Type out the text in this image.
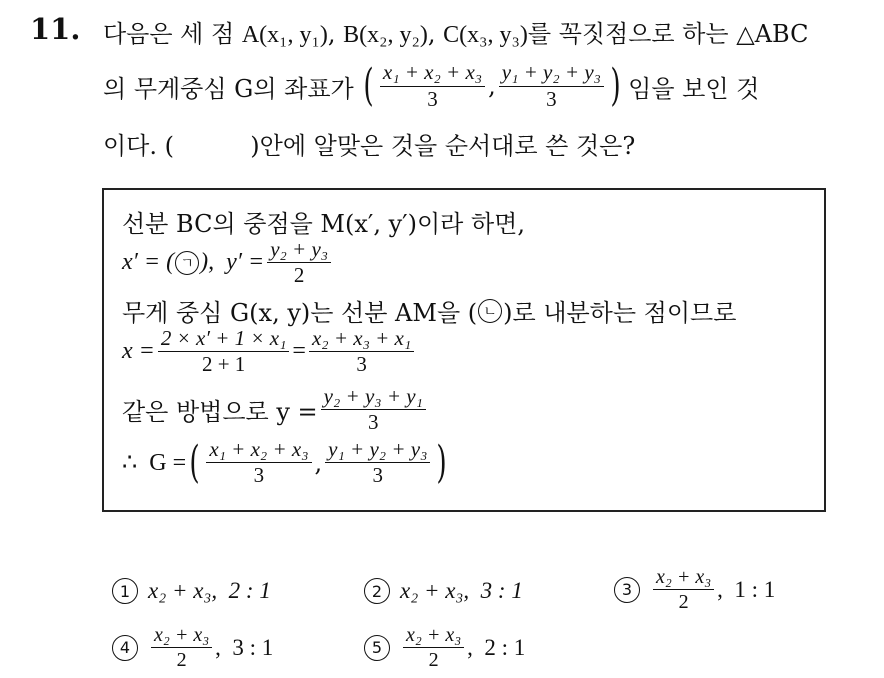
11. 다음은 세 점 A(x₁, y₁), B(x₂, y₂), C(x₃, y₃)를 꼭짓점으로 하는 △ABC
의 무게중심 G의 좌표가 ( $\frac{\text{x₁ + x₂ + x₃}}{3}$ , $\frac{\text{y₁ + y₂ + y₃}}{3}$ ) 임을 보인 것
이다. (          )안에 알맞은 것을 순서대로 쓴 것은?
선분 BC의 중점을 M(x′, y′)이라 하면,
x′ = ( ㄱ ),  $y' = \frac{\text{y₂ + y₃}}{2}$
무게 중심 G(x, y)는 선분 AM을 ( ㄴ )로 내분하는 점이므로
$x = \frac{\text{2 × x′ + 1 × x₁}}{2 + 1} = \frac{\text{x₂ + x₃ + x₁}}{3}$
같은 방법으로 $y = \frac{\text{y₂ + y₃ + y₁}}{3}$
∴  G = ( $\frac{\text{x₁ + x₂ + x₃}}{3}$ , $\frac{\text{y₁ + y₂ + y₃}}{3}$ )
1 x₂ + x₃,  2 : 1	2 x₂ + x₃,  3 : 1	3	$\frac{\text{x₂ + x₃}}{2}$ ,  1 : 1
4	$\frac{\text{x₂ + x₃}}{2}$ ,  3 : 1	5	$\frac{\text{x₂ + x₃}}{2}$ ,  2 : 1
